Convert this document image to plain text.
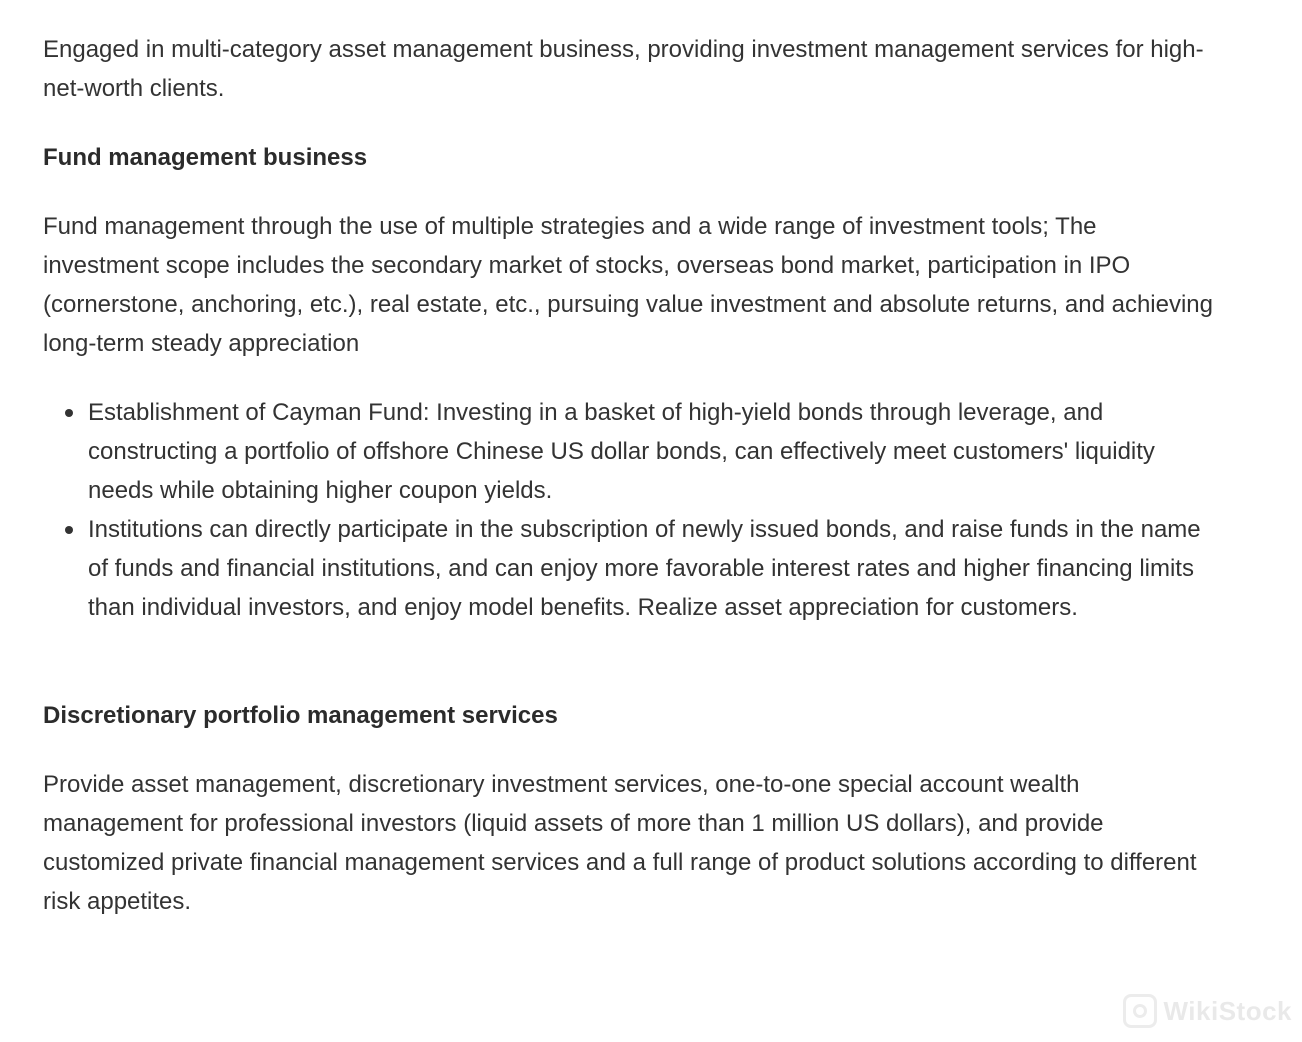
Engaged in multi-category asset management business, providing investment management services for high-net-worth clients.

Fund management business

Fund management through the use of multiple strategies and a wide range of investment tools; The investment scope includes the secondary market of stocks, overseas bond market, participation in IPO (cornerstone, anchoring, etc.), real estate, etc., pursuing value investment and absolute returns, and achieving long-term steady appreciation

Establishment of Cayman Fund: Investing in a basket of high-yield bonds through leverage, and constructing a portfolio of offshore Chinese US dollar bonds, can effectively meet customers' liquidity needs while obtaining higher coupon yields.
Institutions can directly participate in the subscription of newly issued bonds, and raise funds in the name of funds and financial institutions, and can enjoy more favorable interest rates and higher financing limits than individual investors, and enjoy model benefits. Realize asset appreciation for customers.
Discretionary portfolio management services

Provide asset management, discretionary investment services, one-to-one special account wealth management for professional investors (liquid assets of more than 1 million US dollars), and provide customized private financial management services and a full range of product solutions according to different risk appetites.

WikiStock
